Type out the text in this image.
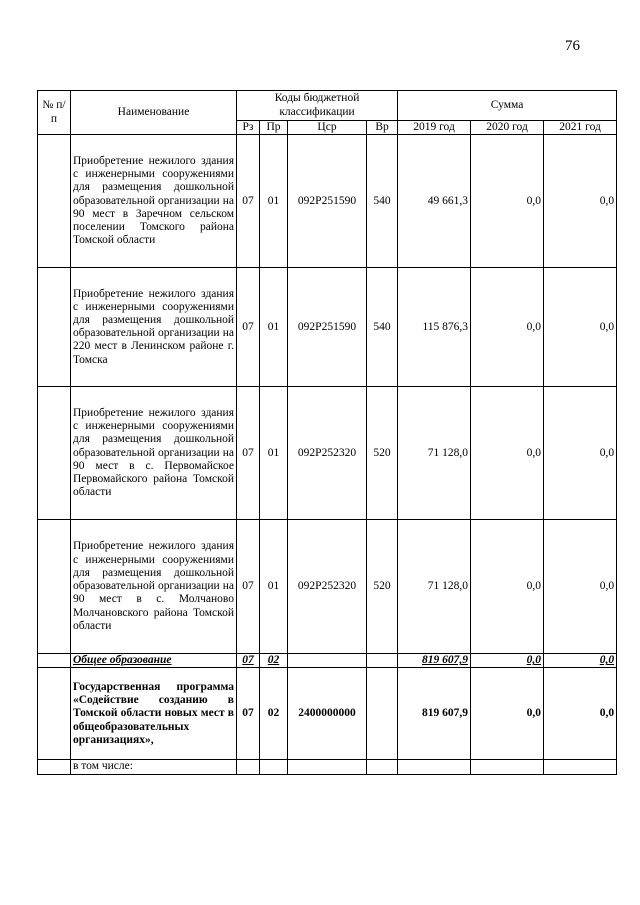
76
№ п/п	Наименование	Коды бюджетной классификации				Сумма		
		Рз	Пр	Цср	Вр	2019 год	2020 год	2021 год
	Приобретение нежилого здания с инженерными сооружениями для размещения дошкольной образовательной организации на 90 мест в Заречном сельском поселении Томского района Томской области	07	01	092P251590	540	49 661,3	0,0	0,0
	Приобретение нежилого здания с инженерными сооружениями для размещения дошкольной образовательной организации на 220 мест в Ленинском районе г. Томска	07	01	092P251590	540	115 876,3	0,0	0,0
	Приобретение нежилого здания с инженерными сооружениями для размещения дошкольной образовательной организации на 90 мест в с. Первомайское Первомайского района Томской области	07	01	092P252320	520	71 128,0	0,0	0,0
	Приобретение нежилого здания с инженерными сооружениями для размещения дошкольной образовательной организации на 90 мест в с. Молчаново Молчановского района Томской области	07	01	092P252320	520	71 128,0	0,0	0,0
	Общее образование	07	02			819 607,9	0,0	0,0
	Государственная программа «Содействие созданию в Томской области новых мест в общеобразовательных организациях»,	07	02	2400000000		819 607,9	0,0	0,0
	в том числе:							
